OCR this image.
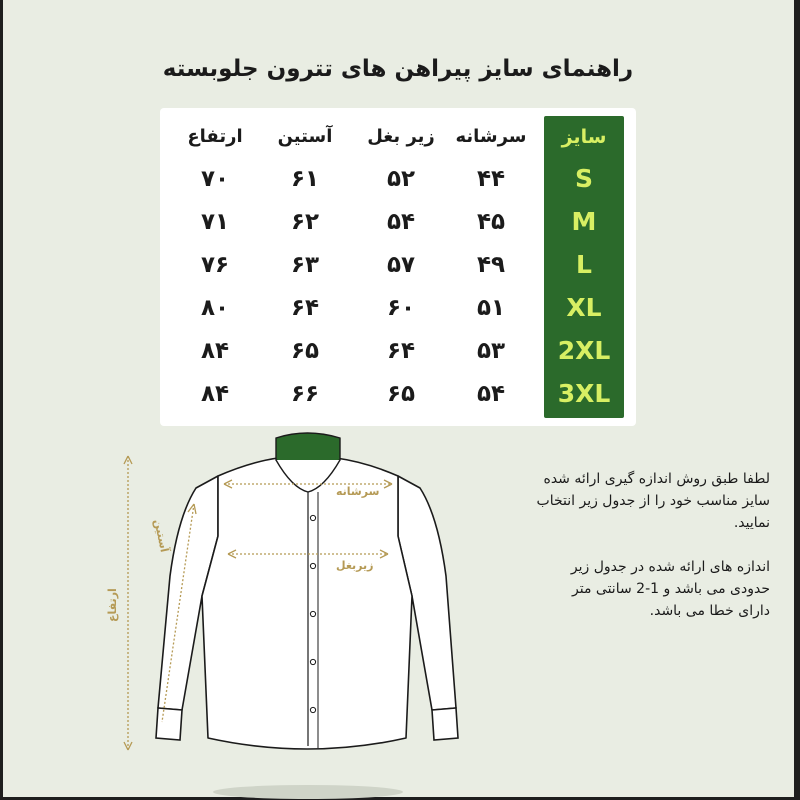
راهنمای سایز پیراهن های تترون جلوبسته
سایز
سرشانه
زیر بغل
آستین
ارتفاع
S
۴۴
۵۲
۶۱
۷۰
M
۴۵
۵۴
۶۲
۷۱
L
۴۹
۵۷
۶۳
۷۶
XL
۵۱
۶۰
۶۴
۸۰
2XL
۵۳
۶۴
۶۵
۸۴
3XL
۵۴
۶۵
۶۶
۸۴
سرشانه
زیربغل
آستین
ارتفاع

لطفا طبق روش اندازه گیری ارائه شده

سایز مناسب خود را از جدول زیر انتخاب

نمایید.

اندازه های ارائه شده در جدول زیر

حدودی می باشد و 1-2 سانتی متر

دارای خطا می باشد.
